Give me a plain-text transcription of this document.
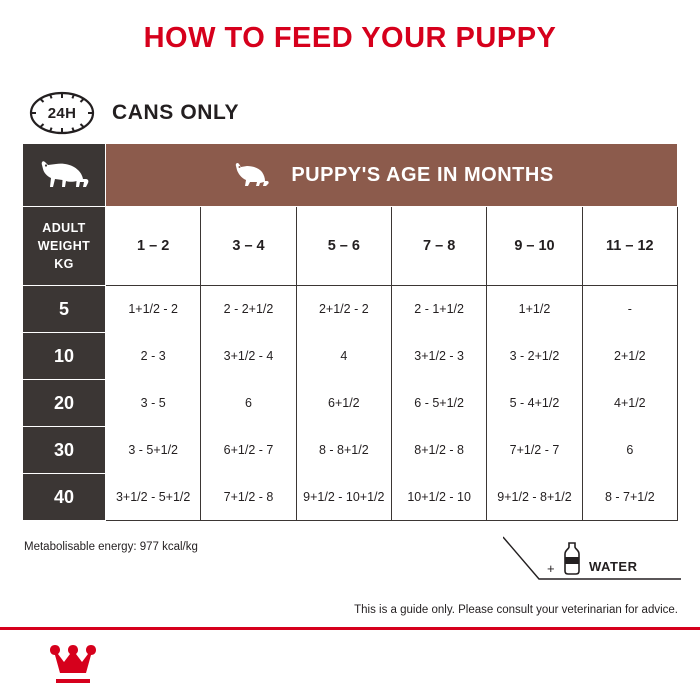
HOW TO FEED YOUR PUPPY
24H CANS ONLY

PUPPY'S AGE IN MONTHS					

ADULT
WEIGHT
KG	1 – 2	3 – 4	5 – 6	7 – 8	9 – 10	11 – 12
5	1+1/2 - 2	2 - 2+1/2	2+1/2 - 2	2 - 1+1/2	1+1/2	-
10	2 - 3	3+1/2 - 4	4	3+1/2 - 3	3 - 2+1/2	2+1/2
20	3 - 5	6	6+1/2	6 - 5+1/2	5 - 4+1/2	4+1/2
30	3 - 5+1/2	6+1/2 - 7	8 - 8+1/2	8+1/2 - 8	7+1/2 - 7	6
40	3+1/2 - 5+1/2	7+1/2 - 8	9+1/2 - 10+1/2	10+1/2 - 10	9+1/2 - 8+1/2	8 - 7+1/2
Metabolisable energy: 977 kcal/kg
+	WATER
This is a guide only. Please consult your veterinarian for advice.
